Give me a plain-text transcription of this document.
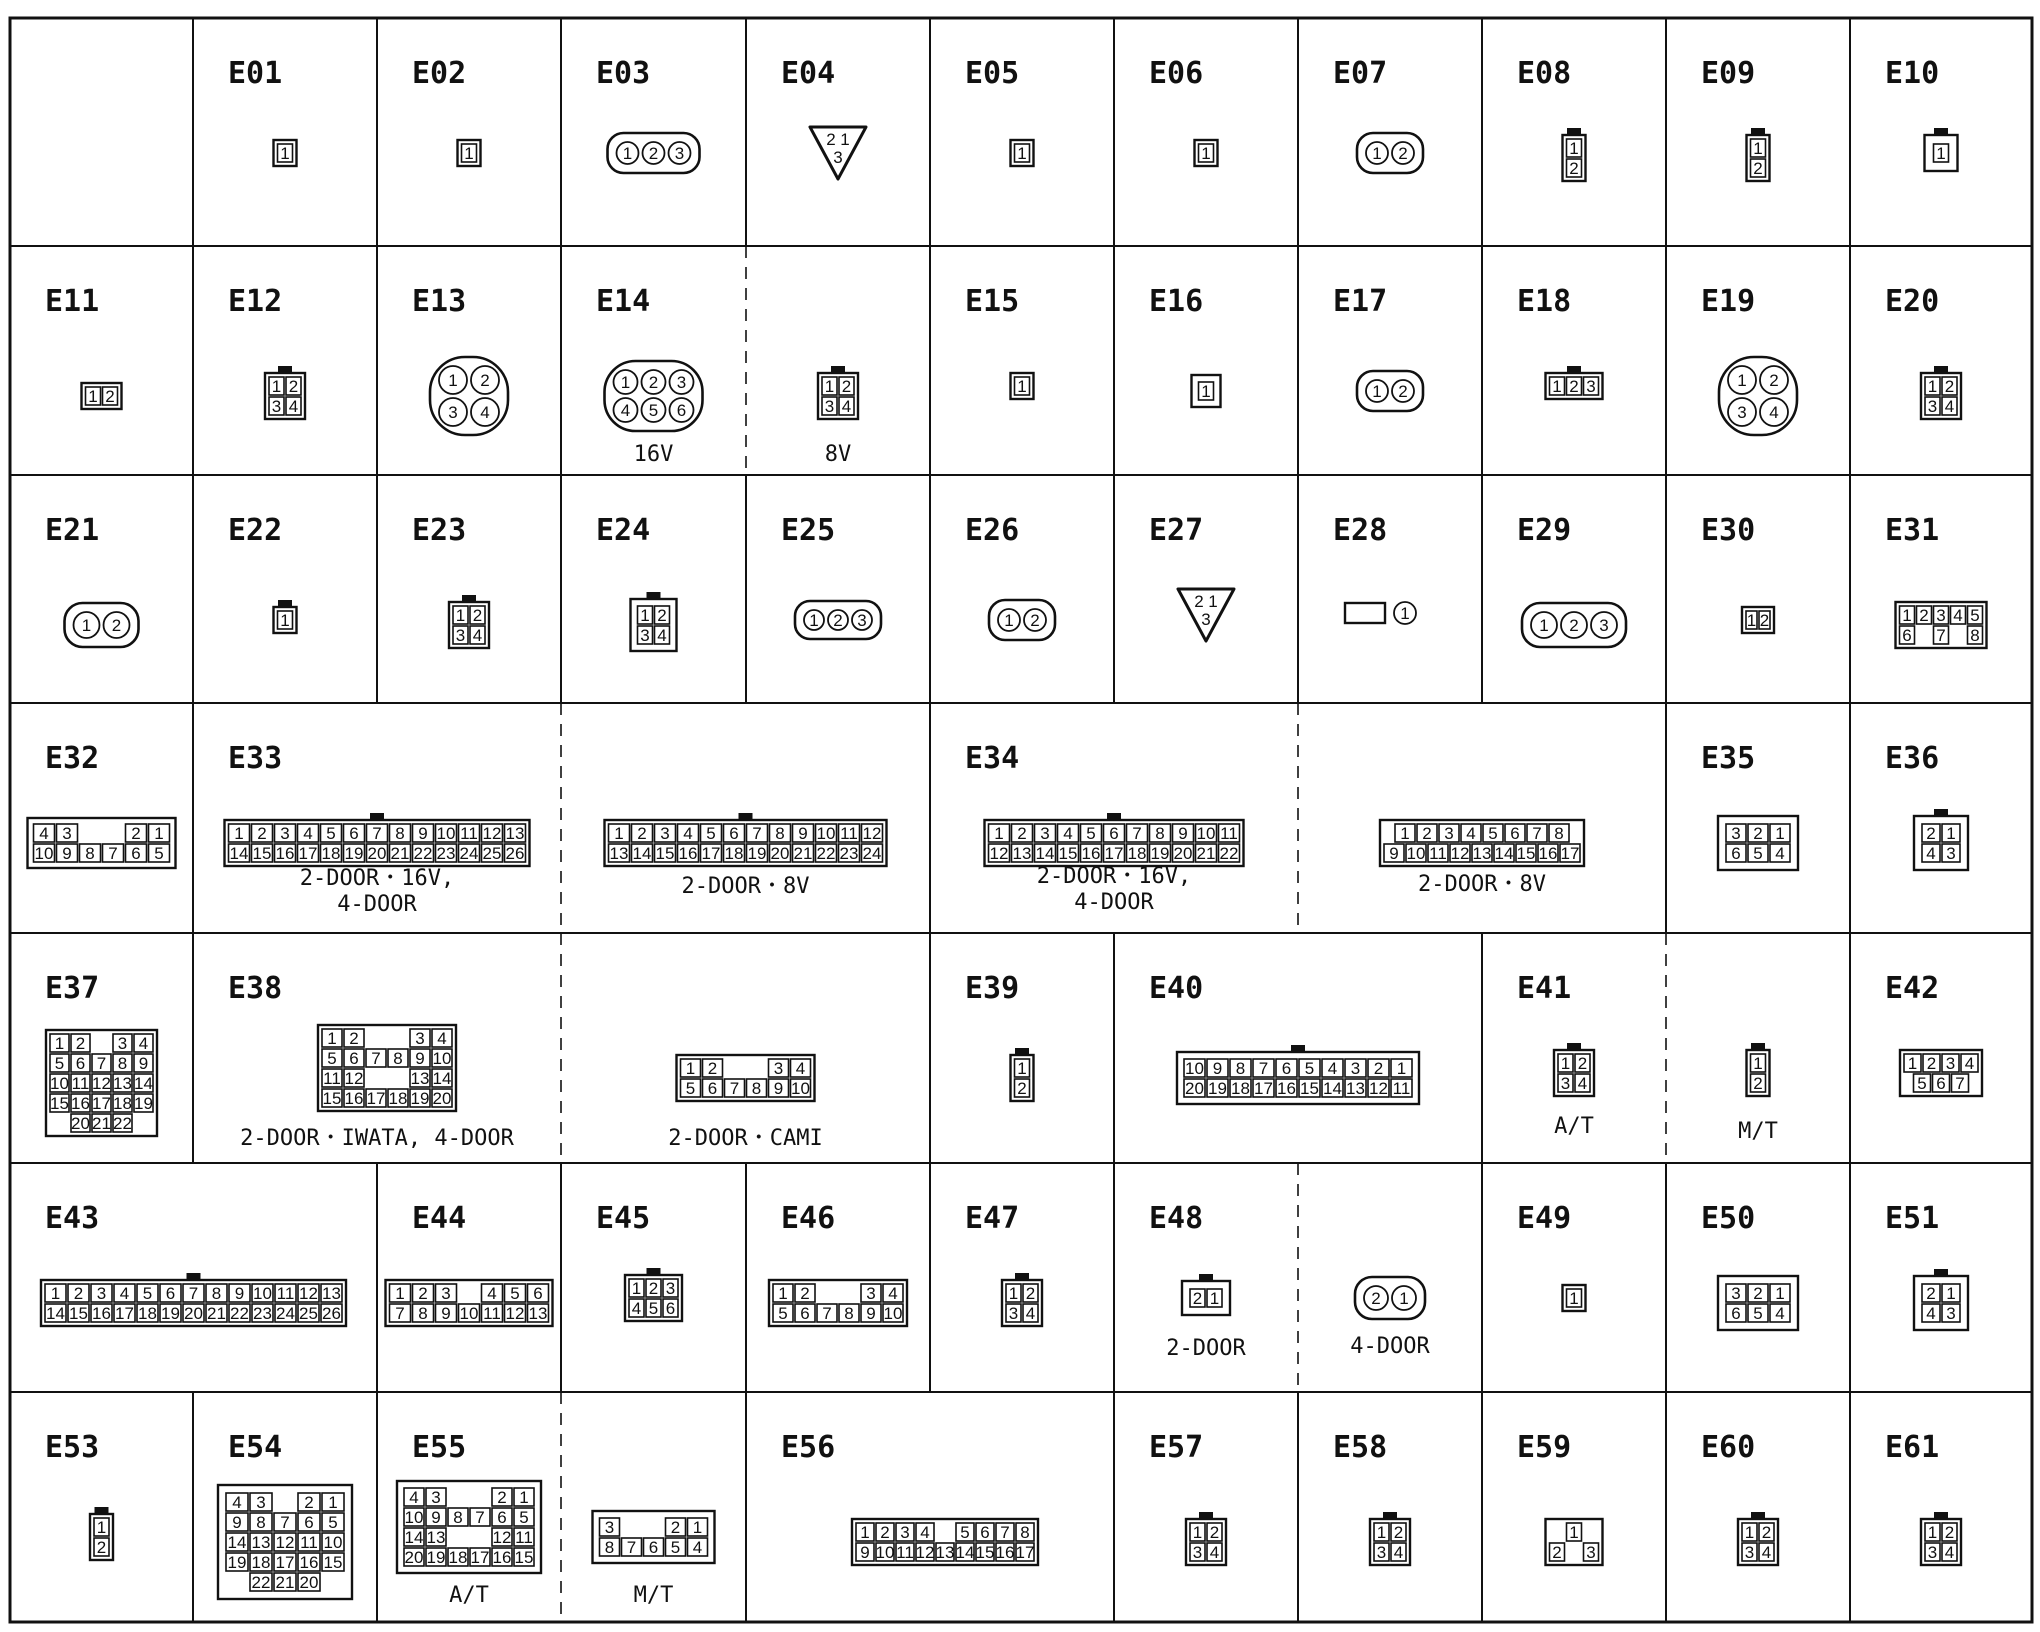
E01
1
E02
1
E03
1 2 3
E04
2 1
3
E05
1
E06
1
E07
1 2
E08
1
2
E09
1
2
E10
1
E11
1 2
E12
1 2
3 4
E13
1 2
3 4
E14
1 2 3
4 5 6
16V
1 2
3 4
8V
E15
1
E16
1
E17
1 2
E18
1 2 3
E19
1 2
3 4
E20
1 2
3 4
E21
1 2
E22
1
E23
1 2
3 4
E24
1 2
3 4
E25
1 2 3
E26
1 2
E27
2 1
3
E28
1
E29
1 2 3
E30
1 2
E31
1 2 3 4 5
6 7 8
E32
4 3	2 1
10 9 8 7 6 5
E33
1 2 3 4 5 6 7 8 9 10 11 12 13
14 15 16 17 18 19 20 21 22 23 24 25 26
2-DOOR・16V,
4-DOOR
1 2 3 4 5 6 7 8 9 10 11 12
13 14 15 16 17 18 19 20 21 22 23 24
2-DOOR・8V
E34
1 2 3 4 5 6 7 8 9 10 11
12 13 14 15 16 17 18 19 20 21 22
2-DOOR・16V,
4-DOOR
1 2 3 4 5 6 7 8
9 10 11 12 13 14 15 16 17
2-DOOR・8V
E35
3 2 1
6 5 4
E36
2 1
4 3
E37
1 2 3 4
5 6 7 8 9
10 11 12 13 14
15 16 17 18 19
20 21 22
E38
1 2	3 4
5 6 7 8 9 10
11 12	13 14
15 16 17 18 19 20
2-DOOR・IWATA, 4-DOOR
1 2	3 4
5 6 7 8 9 10
2-DOOR・CAMI
E39
1
2
E40
10 9 8 7 6 5 4 3 2 1
20 19 18 17 16 15 14 13 12 11
E41
1 2
3 4
A/T
1
2
M/T
E42
1 2 3 4
5 6 7
E43
1 2 3 4 5 6 7 8 9 10 11 12 13
14 15 16 17 18 19 20 21 22 23 24 25 26
E44
1 2 3 4 5 6
7 8 9 10 11 12 13
E45
1 2 3
4 5 6
E46
1 2	3 4
5 6 7 8 9 10
E47
1 2
3 4
E48
2 1
2-DOOR
2 1
4-DOOR
E49
1
E50
3 2 1
6 5 4
E51
2 1
4 3
E53
1
2
E54
4 3 2 1
9 8 7 6 5
14 13 12 11 10
19 18 17 16 15
22 21 20
E55
4 3	2 1
10 9 8 7 6 5
14 13	12 11
20 19 18 17 16 15
A/T
3	2 1
8 7 6 5 4
M/T
E56
1 2 3 4 5 6 7 8
9 10 11 12 13 14 15 16 17
E57
1 2
3 4
E58
1 2
3 4
E59
1
2 3
E60
1 2
3 4
E61
1 2
3 4
